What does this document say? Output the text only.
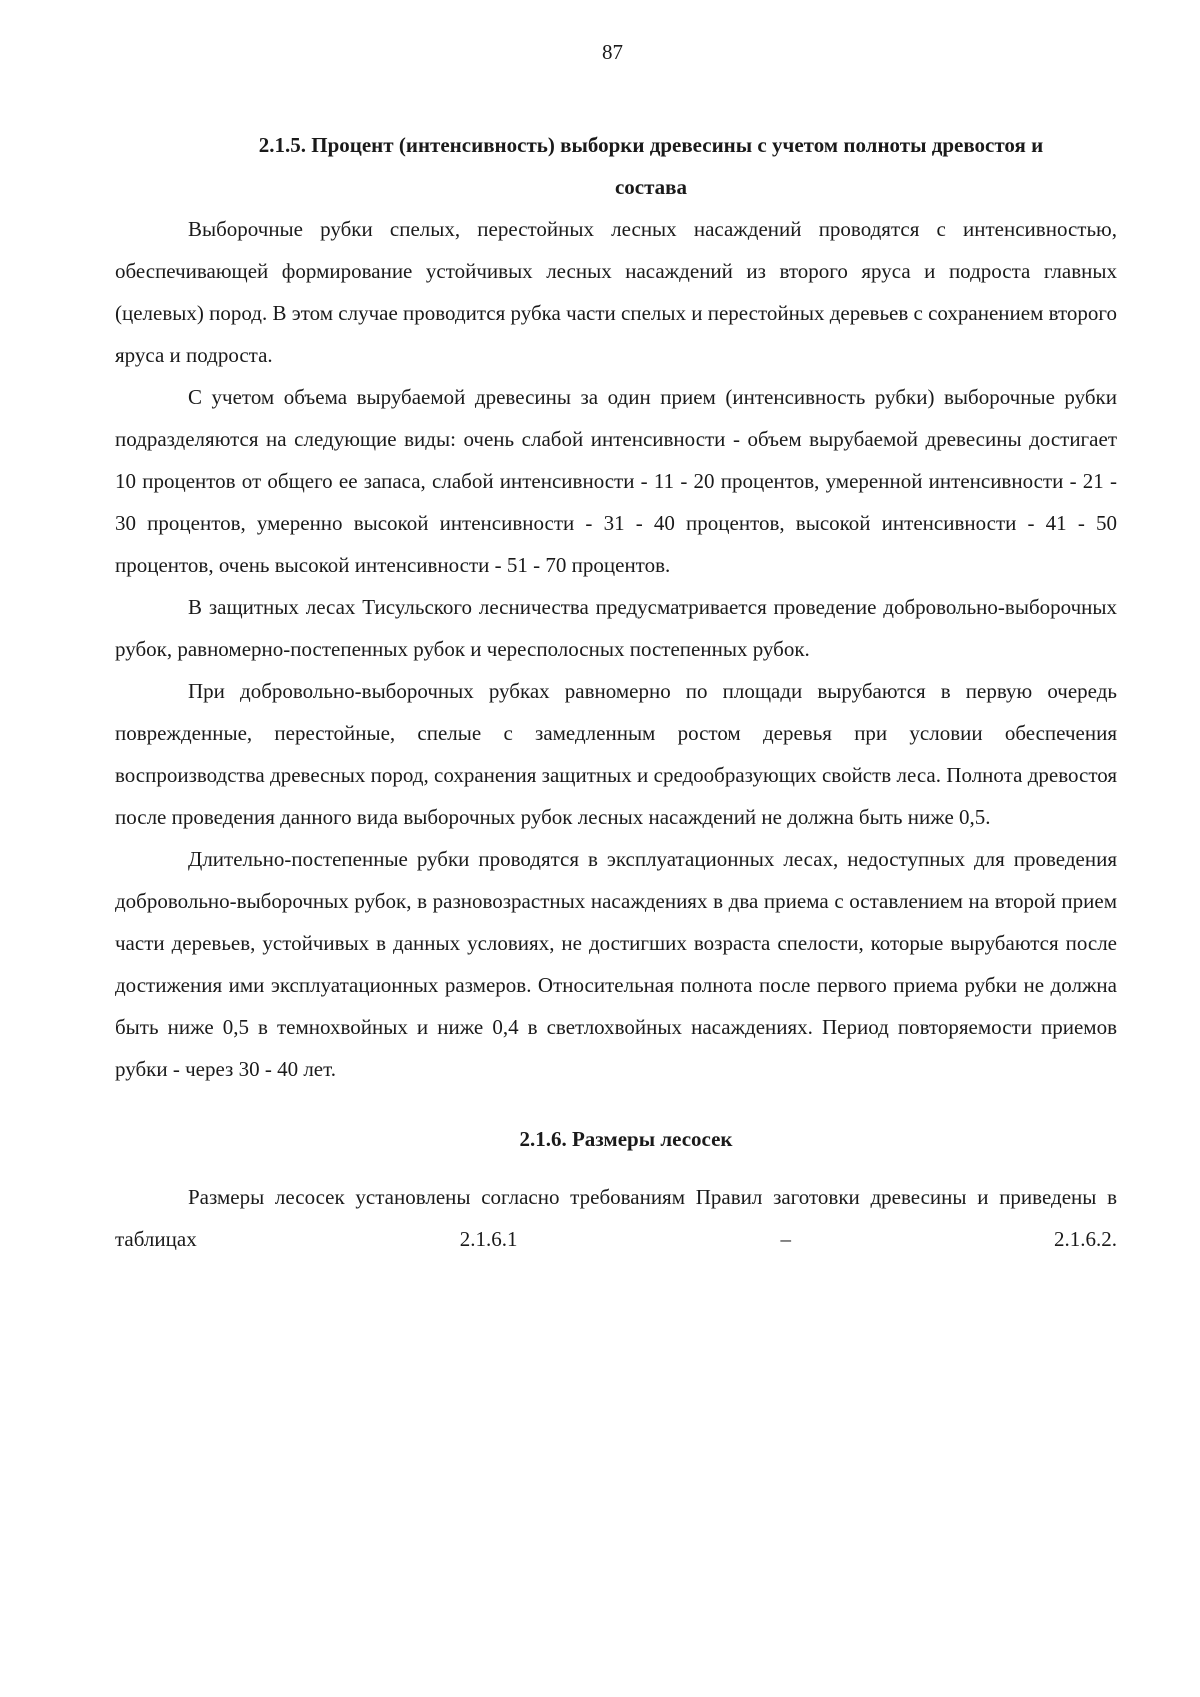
87
2.1.5. Процент (интенсивность) выборки древесины с учетом полноты древостоя и
состава

Выборочные рубки спелых, перестойных лесных насаждений проводятся с интенсивностью, обеспечивающей формирование устойчивых лесных насаждений из второго яруса и подроста главных (целевых) пород. В этом случае проводится рубка части спелых и перестойных деревьев с сохранением второго яруса и подроста.

С учетом объема вырубаемой древесины за один прием (интенсивность рубки) выборочные рубки подразделяются на следующие виды: очень слабой интенсивности - объем вырубаемой древесины достигает 10 процентов от общего ее запаса, слабой интенсивности - 11 - 20 процентов, умеренной интенсивности - 21 - 30 процентов, умеренно высокой интенсивности - 31 - 40 процентов, высокой интенсивности - 41 - 50 процентов, очень высокой интенсивности - 51 - 70 процентов.

В защитных лесах Тисульского лесничества предусматривается проведение добровольно-выборочных рубок, равномерно-постепенных рубок и чересполосных постепенных рубок.

При добровольно-выборочных рубках равномерно по площади вырубаются в первую очередь поврежденные, перестойные, спелые с замедленным ростом деревья при условии обеспечения воспроизводства древесных пород, сохранения защитных и средообразующих свойств леса. Полнота древостоя после проведения данного вида выборочных рубок лесных насаждений не должна быть ниже 0,5.

Длительно-постепенные рубки проводятся в эксплуатационных лесах, недоступных для проведения добровольно-выборочных рубок, в разновозрастных насаждениях в два приема с оставлением на второй прием части деревьев, устойчивых в данных условиях, не достигших возраста спелости, которые вырубаются после достижения ими эксплуатационных размеров. Относительная полнота после первого приема рубки не должна быть ниже 0,5 в темнохвойных и ниже 0,4 в светлохвойных насаждениях. Период повторяемости приемов рубки - через 30 - 40 лет.

2.1.6. Размеры лесосек

Размеры лесосек установлены согласно требованиям Правил заготовки древесины и приведены в таблицах 2.1.6.1 – 2.1.6.2.
